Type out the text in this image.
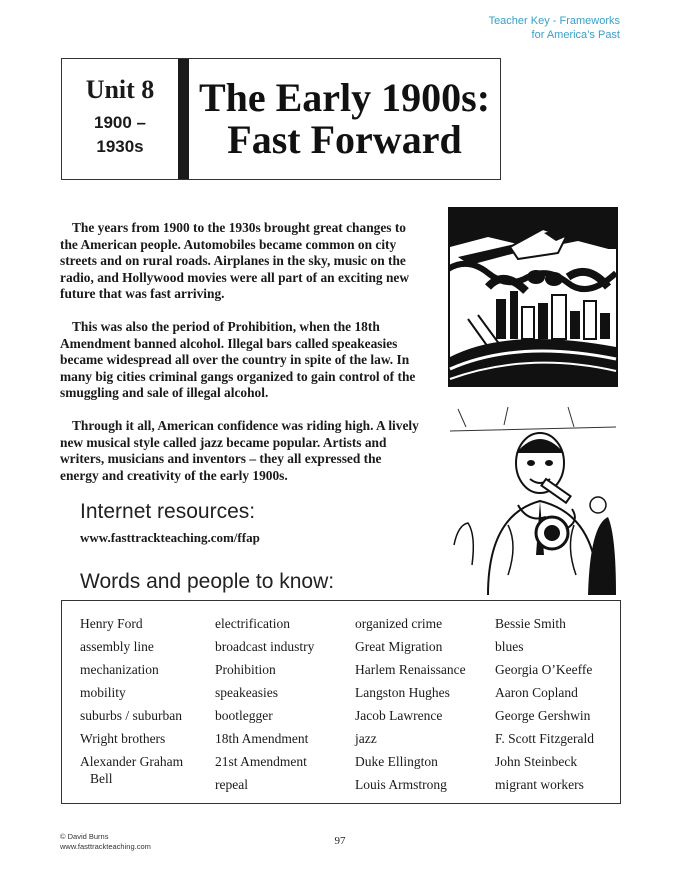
Teacher Key - Frameworks
for America’s Past
Unit 8
1900 –
1930s
The Early 1900s:
Fast Forward

The years from 1900 to the 1930s brought great changes to the American people. Automobiles became common on city streets and on rural roads. Airplanes in the sky, music on the radio, and Hollywood movies were all part of an exciting new future that was fast arriving.

This was also the period of Prohibition, when the 18th Amendment banned alcohol. Illegal bars called speakeasies became widespread all over the country in spite of the law. In many big cities criminal gangs organized to gain control of the smuggling and sale of illegal alcohol.

Through it all, American confidence was riding high. A lively new musical style called jazz became popular. Artists and writers, musicians and inventors – they all expressed the energy and creativity of the early 1900s.

Internet resources:
www.fasttrackteaching.com/ffap
Words and people to know:
Henry Ford
assembly line
mechanization
mobility
suburbs / suburban
Wright brothers
Alexander Graham
Bell
electrification
broadcast industry
Prohibition
speakeasies
bootlegger
18th Amendment
21st Amendment
repeal
organized crime
Great Migration
Harlem Renaissance
Langston Hughes
Jacob Lawrence
jazz
Duke Ellington
Louis Armstrong
Bessie Smith
blues
Georgia O’Keeffe
Aaron Copland
George Gershwin
F. Scott Fitzgerald
John Steinbeck
migrant workers
© David Burns
www.fasttrackteaching.com	97
